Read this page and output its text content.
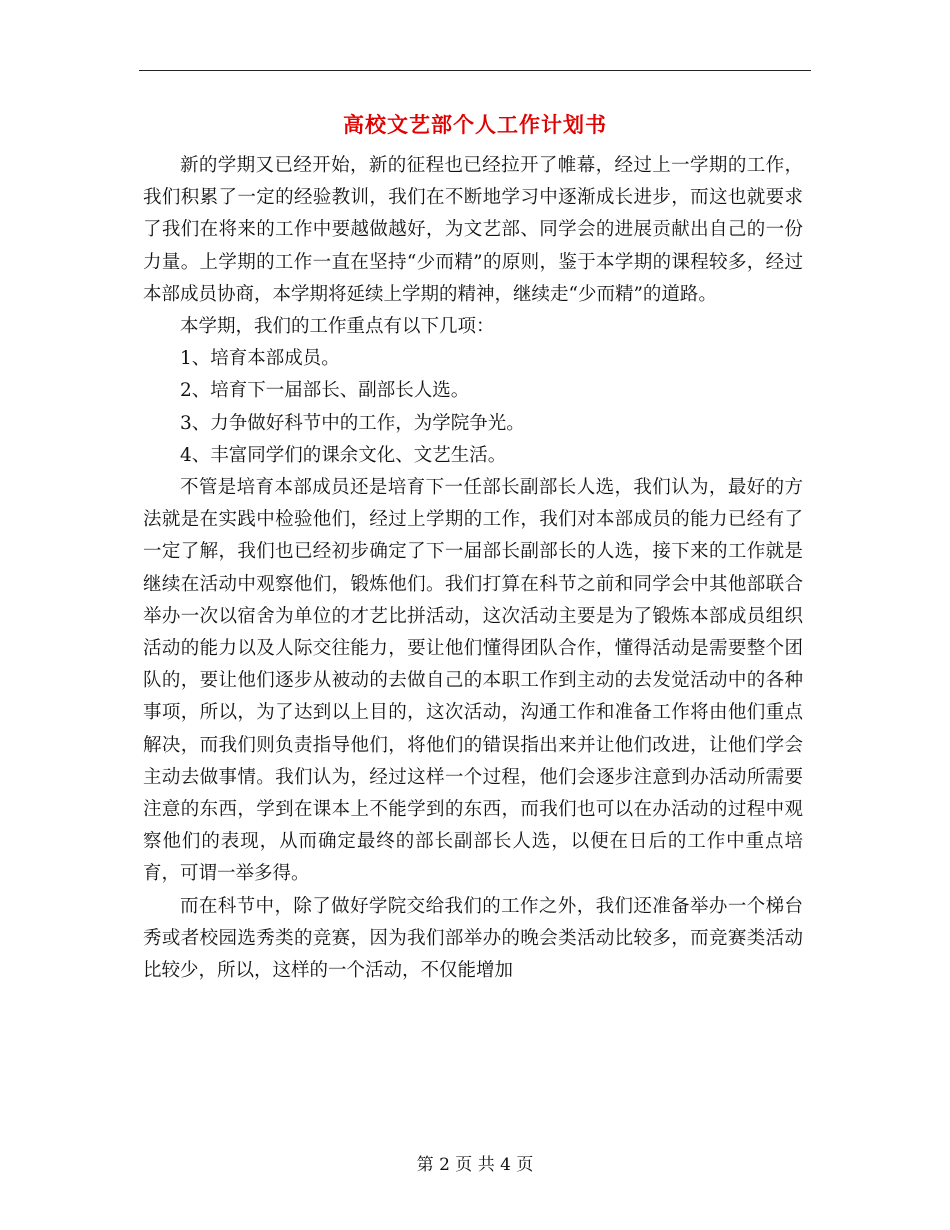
高校文艺部个人工作计划书

新的学期又已经开始，新的征程也已经拉开了帷幕，经过上一学期的工作，我们积累了一定的经验教训，我们在不断地学习中逐渐成长进步，而这也就要求了我们在将来的工作中要越做越好，为文艺部、同学会的进展贡献出自己的一份力量。上学期的工作一直在坚持“少而精”的原则，鉴于本学期的课程较多，经过本部成员协商，本学期将延续上学期的精神，继续走“少而精”的道路。

本学期，我们的工作重点有以下几项：

1、培育本部成员。

2、培育下一届部长、副部长人选。

3、力争做好科节中的工作，为学院争光。

4、丰富同学们的课余文化、文艺生活。

不管是培育本部成员还是培育下一任部长副部长人选，我们认为，最好的方法就是在实践中检验他们，经过上学期的工作，我们对本部成员的能力已经有了一定了解，我们也已经初步确定了下一届部长副部长的人选，接下来的工作就是继续在活动中观察他们，锻炼他们。我们打算在科节之前和同学会中其他部联合举办一次以宿舍为单位的才艺比拼活动，这次活动主要是为了锻炼本部成员组织活动的能力以及人际交往能力，要让他们懂得团队合作，懂得活动是需要整个团队的，要让他们逐步从被动的去做自己的本职工作到主动的去发觉活动中的各种事项，所以，为了达到以上目的，这次活动，沟通工作和准备工作将由他们重点解决，而我们则负责指导他们，将他们的错误指出来并让他们改进，让他们学会主动去做事情。我们认为，经过这样一个过程，他们会逐步注意到办活动所需要注意的东西，学到在课本上不能学到的东西，而我们也可以在办活动的过程中观察他们的表现，从而确定最终的部长副部长人选，以便在日后的工作中重点培育，可谓一举多得。

而在科节中，除了做好学院交给我们的工作之外，我们还准备举办一个梯台秀或者校园选秀类的竞赛，因为我们部举办的晚会类活动比较多，而竞赛类活动比较少，所以，这样的一个活动，不仅能增加

第 2 页 共 4 页
